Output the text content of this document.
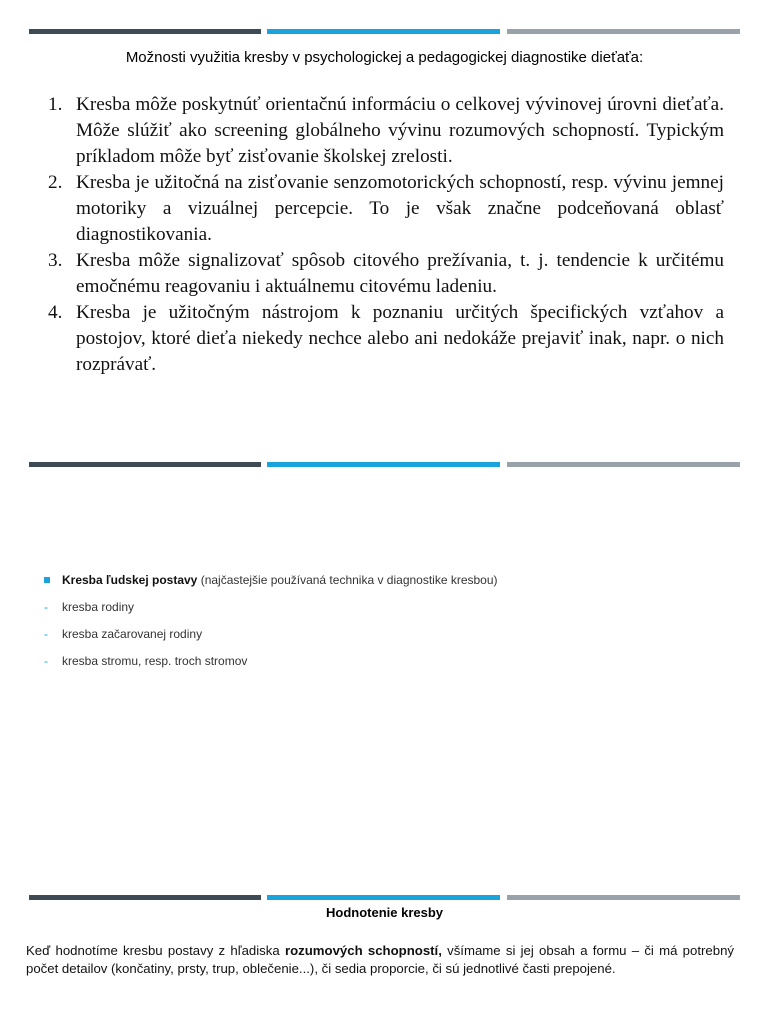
Možnosti využitia kresby v psychologickej a pedagogickej diagnostike dieťaťa:
1. Kresba môže poskytnúť orientačnú informáciu o celkovej vývinovej úrovni dieťaťa. Môže slúžiť ako screening globálneho vývinu rozumových schopností. Typickým príkladom môže byť zisťovanie školskej zrelosti.
2. Kresba je užitočná na zisťovanie senzomotorických schopností, resp. vývinu jemnej motoriky a vizuálnej percepcie. To je však značne podceňovaná oblasť diagnostikovania.
3. Kresba môže signalizovať spôsob citového prežívania, t. j. tendencie k určitému emočnému reagovaniu i aktuálnemu citovému ladeniu.
4. Kresba je užitočným nástrojom k poznaniu určitých špecifických vzťahov a postojov, ktoré dieťa niekedy nechce alebo ani nedokáže prejaviť inak, napr. o nich rozprávať.
Kresba ľudskej postavy (najčastejšie používaná technika v diagnostike kresbou)
- kresba rodiny
- kresba začarovanej rodiny
- kresba stromu, resp. troch stromov
Hodnotenie kresby
Keď hodnotíme kresbu postavy z hľadiska rozumových schopností, všímame si jej obsah a formu – či má potrebný počet detailov (končatiny, prsty, trup, oblečenie...), či sedia proporcie, či sú jednotlivé časti prepojené.
